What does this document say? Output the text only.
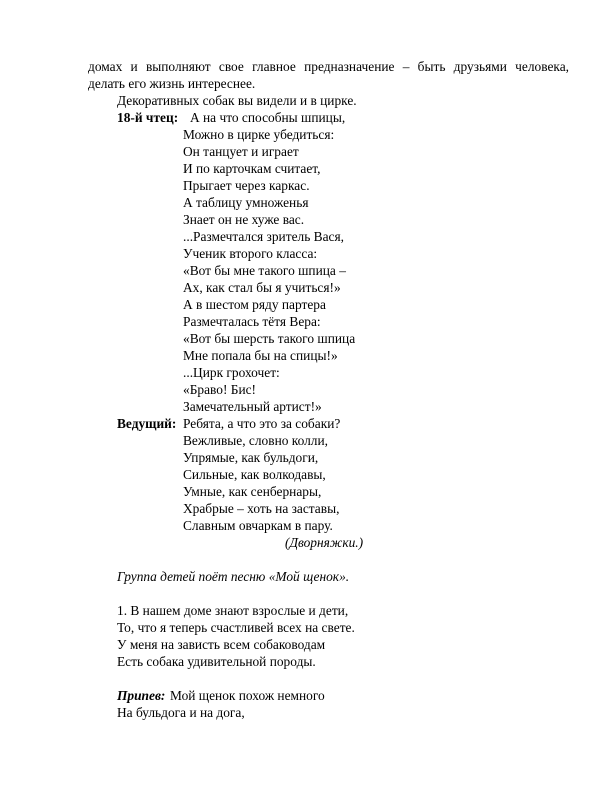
домах и выполняют свое главное предназначение – быть друзьями человека,
делать его жизнь интереснее.
Декоративных собак вы видели и в цирке.
18-й чтец: А на что способны шпицы,
Можно в цирке убедиться:
Он танцует и играет
И по карточкам считает,
Прыгает через каркас.
А таблицу умноженья
Знает он не хуже вас.
...Размечтался зритель Вася,
Ученик второго класса:
«Вот бы мне такого шпица –
Ах, как стал бы я учиться!»
А в шестом ряду партера
Размечталась тётя Вера:
«Вот бы шерсть такого шпица
Мне попала бы на спицы!»
...Цирк грохочет:
«Браво! Бис!
Замечательный артист!»
Ведущий: Ребята, а что это за собаки?
Вежливые, словно колли,
Упрямые, как бульдоги,
Сильные, как волкодавы,
Умные, как сенбернары,
Храбрые – хоть на заставы,
Славным овчаркам в пару.
(Дворняжки.)
Группа детей поёт песню «Мой щенок».
1. В нашем доме знают взрослые и дети,
То, что я теперь счастливей всех на свете.
У меня на зависть всем собаководам
Есть собака удивительной породы.
Припев: Мой щенок похож немного
На бульдога и на дога,
